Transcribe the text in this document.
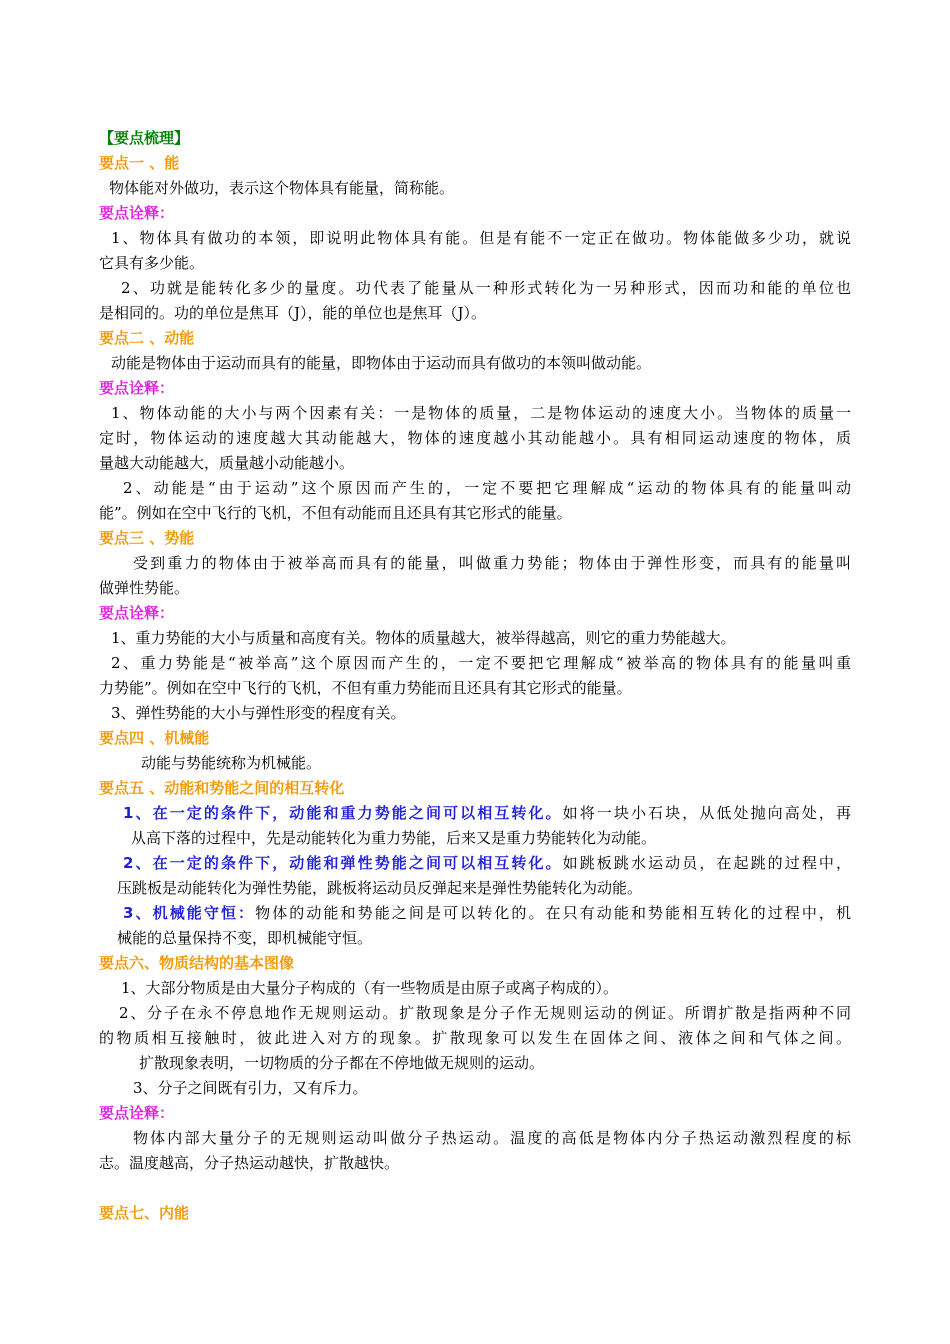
【要点梳理】
要点一 、能
物体能对外做功，表示这个物体具有能量，简称能。
要点诠释：
1、物体具有做功的本领，即说明此物体具有能。但是有能不一定正在做功。物体能做多少功，就说
它具有多少能。
2、功就是能转化多少的量度。功代表了能量从一种形式转化为一另种形式，因而功和能的单位也
是相同的。功的单位是焦耳（J），能的单位也是焦耳（J）。
要点二 、动能
动能是物体由于运动而具有的能量，即物体由于运动而具有做功的本领叫做动能。
要点诠释：
1、物体动能的大小与两个因素有关：一是物体的质量，二是物体运动的速度大小。当物体的质量一
定时，物体运动的速度越大其动能越大，物体的速度越小其动能越小。具有相同运动速度的物体，质
量越大动能越大，质量越小动能越小。
2、动能是“由于运动”这个原因而产生的，一定不要把它理解成“运动的物体具有的能量叫动
能”。例如在空中飞行的飞机，不但有动能而且还具有其它形式的能量。
要点三 、势能
受到重力的物体由于被举高而具有的能量，叫做重力势能；物体由于弹性形变，而具有的能量叫
做弹性势能。
要点诠释：
1、重力势能的大小与质量和高度有关。物体的质量越大，被举得越高，则它的重力势能越大。
2、重力势能是“被举高”这个原因而产生的，一定不要把它理解成“被举高的物体具有的能量叫重
力势能”。例如在空中飞行的飞机，不但有重力势能而且还具有其它形式的能量。
3、弹性势能的大小与弹性形变的程度有关。
要点四 、机械能
动能与势能统称为机械能。
要点五 、动能和势能之间的相互转化
1、在一定的条件下，动能和重力势能之间可以相互转化。如将一块小石块，从低处抛向高处，再
从高下落的过程中，先是动能转化为重力势能，后来又是重力势能转化为动能。
2、在一定的条件下，动能和弹性势能之间可以相互转化。如跳板跳水运动员，在起跳的过程中，
压跳板是动能转化为弹性势能，跳板将运动员反弹起来是弹性势能转化为动能。
3、机械能守恒：物体的动能和势能之间是可以转化的。在只有动能和势能相互转化的过程中，机
械能的总量保持不变，即机械能守恒。
要点六、物质结构的基本图像
1、大部分物质是由大量分子构成的（有一些物质是由原子或离子构成的）。
2、分子在永不停息地作无规则运动。扩散现象是分子作无规则运动的例证。所谓扩散是指两种不同
的物质相互接触时，彼此进入对方的现象。扩散现象可以发生在固体之间、液体之间和气体之间。
扩散现象表明，一切物质的分子都在不停地做无规则的运动。
3、分子之间既有引力，又有斥力。
要点诠释：
物体内部大量分子的无规则运动叫做分子热运动。温度的高低是物体内分子热运动激烈程度的标
志。温度越高，分子热运动越快，扩散越快。
要点七、内能
